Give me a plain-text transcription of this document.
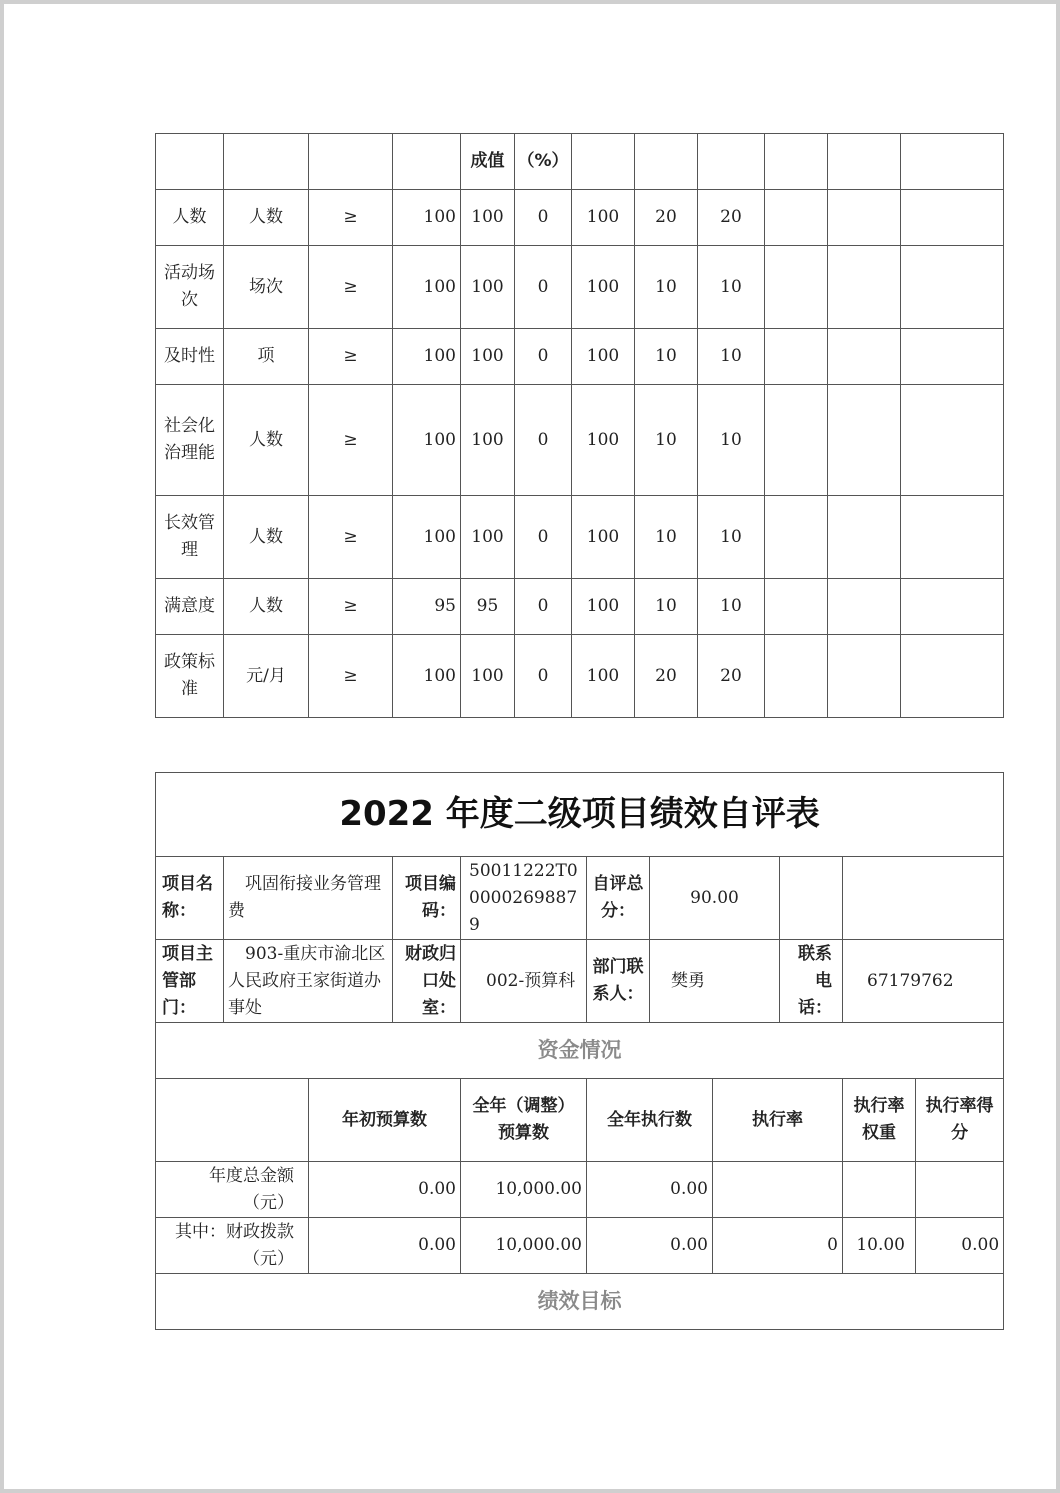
				成值	（%）						
人数	人数	≥	100	100	0	100	20	20			
活动场次	场次	≥	100	100	0	100	10	10			
及时性	项	≥	100	100	0	100	10	10			
社会化治理能	人数	≥	100	100	0	100	10	10			
长效管理	人数	≥	100	100	0	100	10	10			
满意度	人数	≥	95	95	0	100	10	10			
政策标准	元/月	≥	100	100	0	100	20	20			
2022 年度二级项目绩效自评表										
项目名称：	巩固衔接业务管理费		项目编码：	50011222T000002698879	自评总分：	90.00				
项目主管部门：	903-重庆市渝北区人民政府王家街道办事处		财政归口处室：	002-预算科	部门联系人：	樊勇		联系电话：	67179762	
资金情况										
		年初预算数		全年（调整）预算数	全年执行数		执行率		执行率权重	执行率得分
年度总金额（元）		0.00		10,000.00	0.00					
其中：财政拨款（元）		0.00		10,000.00	0.00		0		10.00	0.00
绩效目标										
